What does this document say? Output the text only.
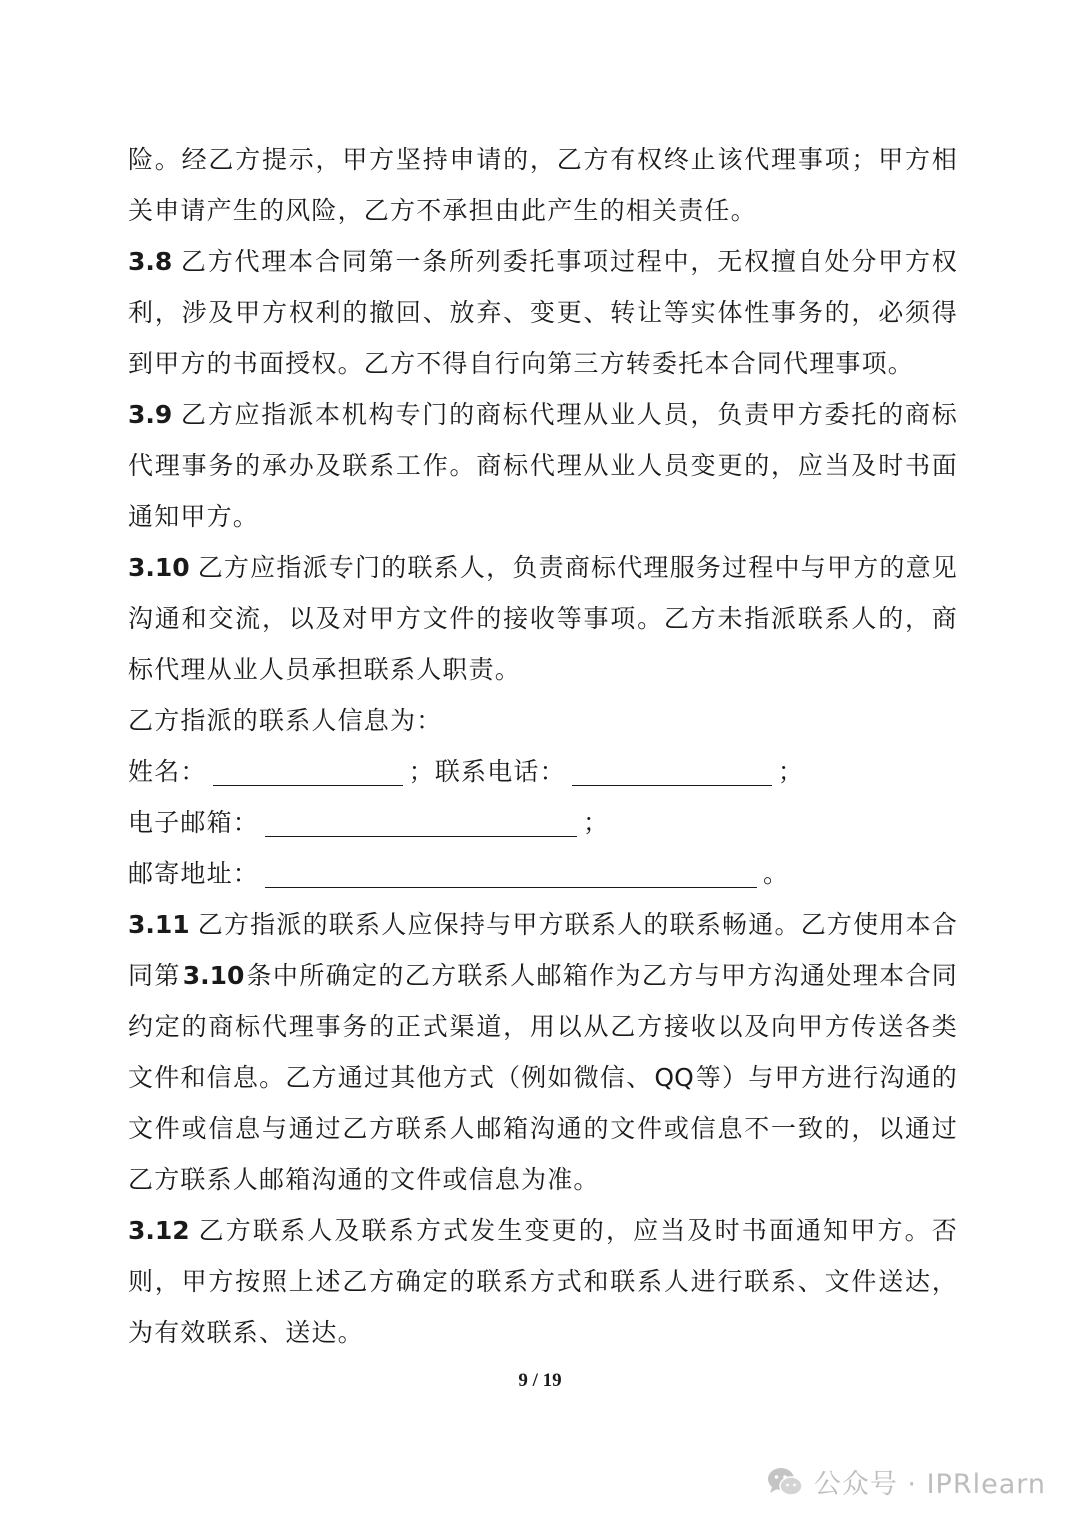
险。经乙方提示，甲方坚持申请的，乙方有权终止该代理事项；甲方相关申请产生的风险，乙方不承担由此产生的相关责任。

3.8 乙方代理本合同第一条所列委托事项过程中，无权擅自处分甲方权利，涉及甲方权利的撤回、放弃、变更、转让等实体性事务的，必须得到甲方的书面授权。乙方不得自行向第三方转委托本合同代理事项。

3.9 乙方应指派本机构专门的商标代理从业人员，负责甲方委托的商标代理事务的承办及联系工作。商标代理从业人员变更的，应当及时书面通知甲方。

3.10 乙方应指派专门的联系人，负责商标代理服务过程中与甲方的意见沟通和交流，以及对甲方文件的接收等事项。乙方未指派联系人的，商标代理从业人员承担联系人职责。

乙方指派的联系人信息为：

姓名：	；联系电话：	；

电子邮箱：	；

邮寄地址：	。

3.11 乙方指派的联系人应保持与甲方联系人的联系畅通。乙方使用本合同第3.10条中所确定的乙方联系人邮箱作为乙方与甲方沟通处理本合同约定的商标代理事务的正式渠道，用以从乙方接收以及向甲方传送各类文件和信息。乙方通过其他方式（例如微信、QQ等）与甲方进行沟通的文件或信息与通过乙方联系人邮箱沟通的文件或信息不一致的，以通过乙方联系人邮箱沟通的文件或信息为准。

3.12 乙方联系人及联系方式发生变更的，应当及时书面通知甲方。否则，甲方按照上述乙方确定的联系方式和联系人进行联系、文件送达，为有效联系、送达。

9 / 19
公众号 · IPRlearn
